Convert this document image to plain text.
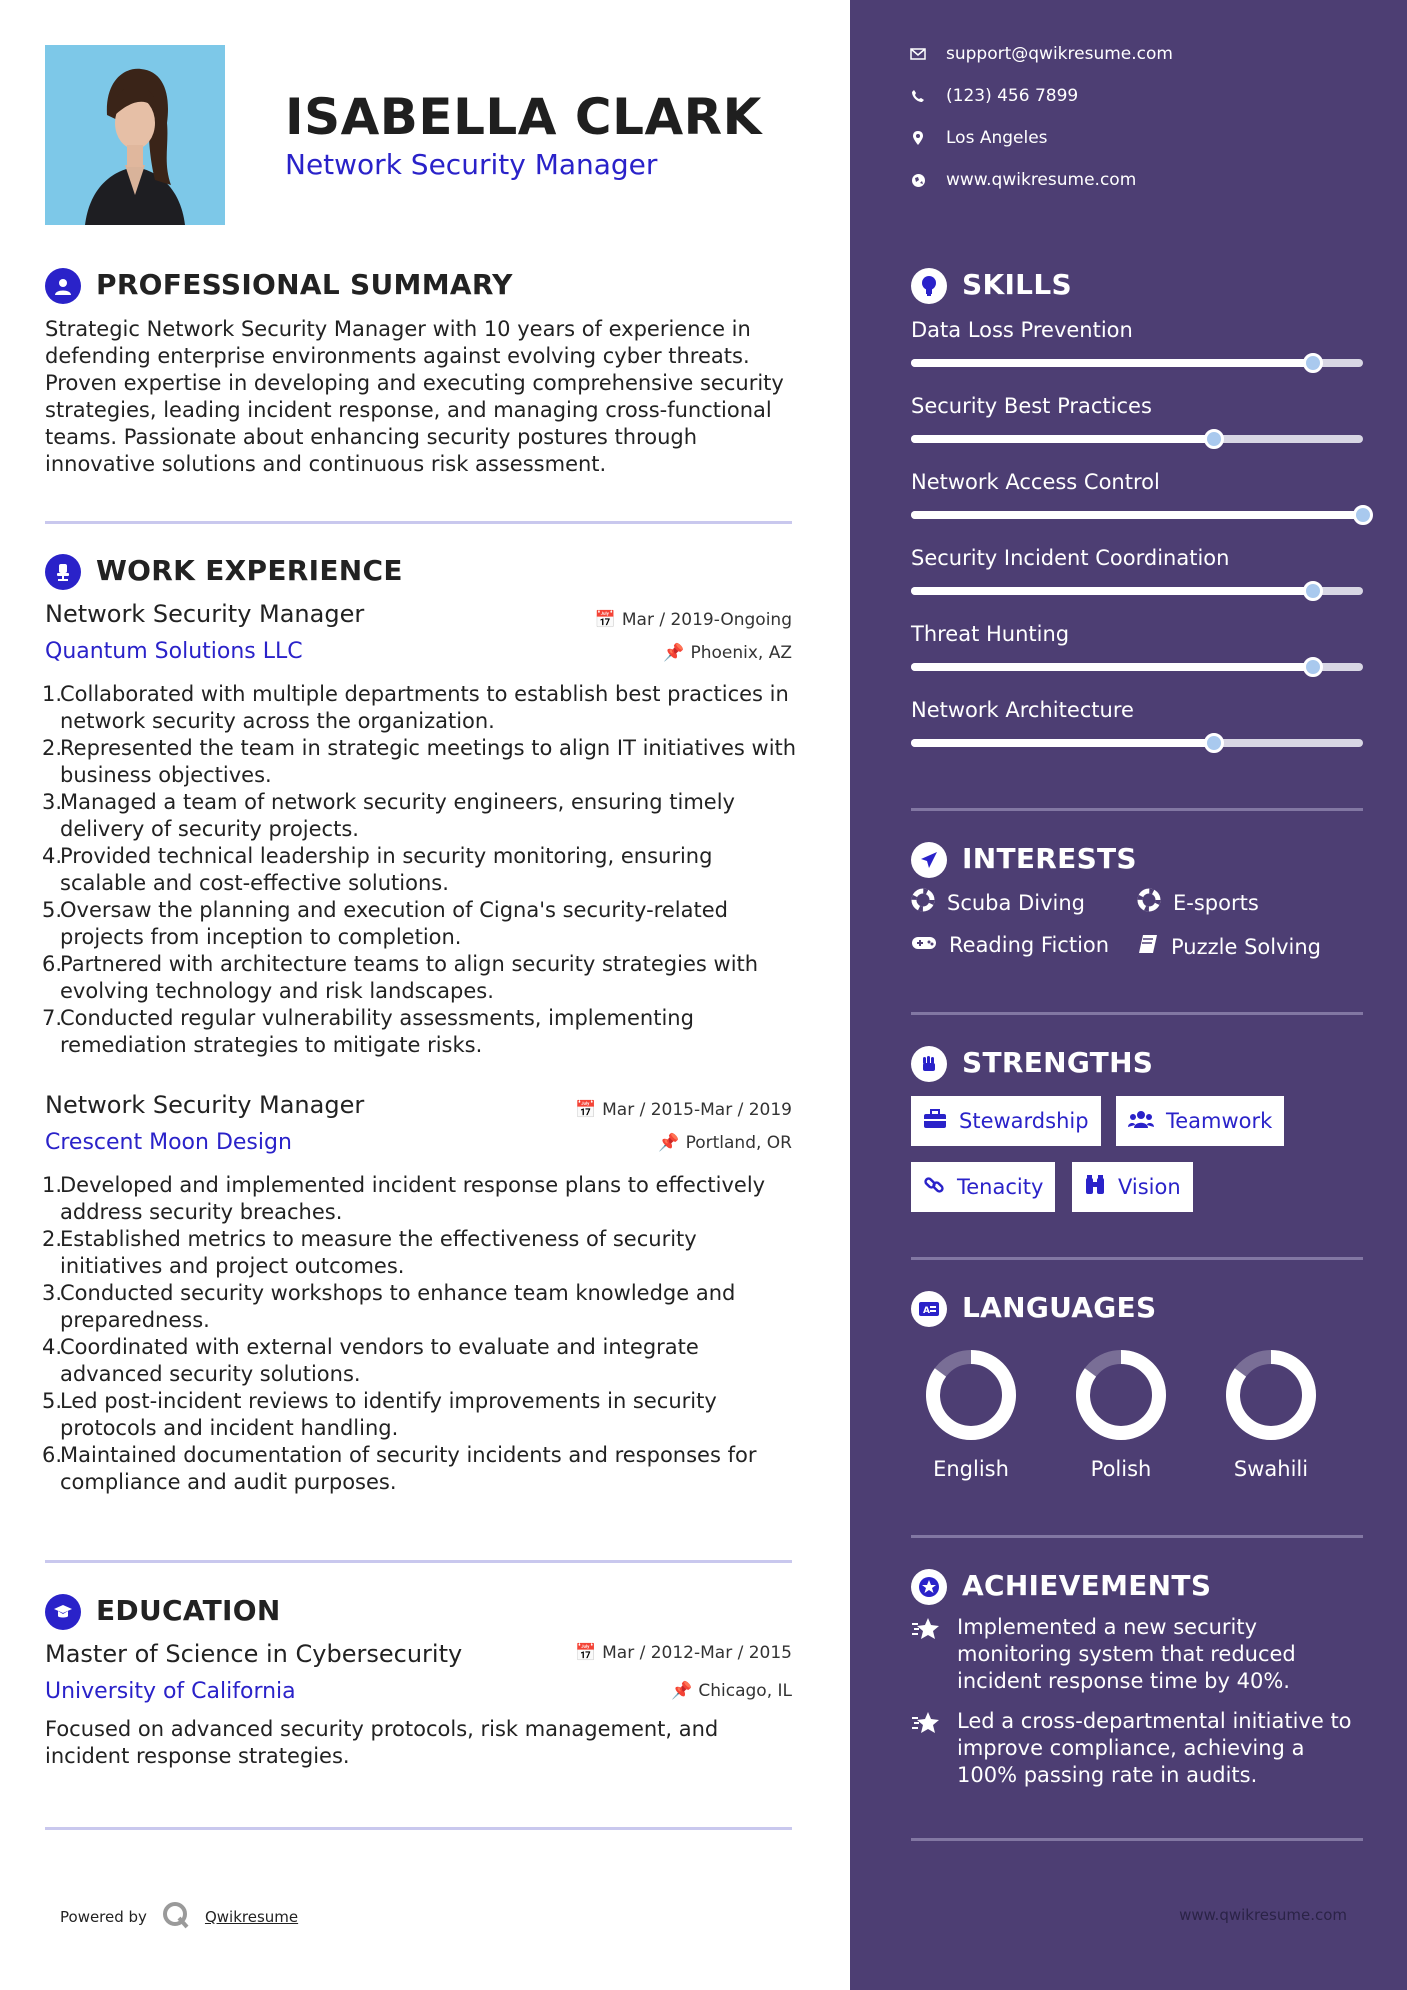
ISABELLA CLARK
Network Security Manager
PROFESSIONAL SUMMARY
Strategic Network Security Manager with 10 years of experience in defending enterprise environments against evolving cyber threats. Proven expertise in developing and executing comprehensive security strategies, leading incident response, and managing cross-functional teams. Passionate about enhancing security postures through innovative solutions and continuous risk assessment.
WORK EXPERIENCE
Network Security Manager
Quantum Solutions LLC
📅 Mar / 2019-Ongoing
📌 Phoenix, AZ
1.
Collaborated with multiple departments to establish best practices in network security across the organization.
2.
Represented the team in strategic meetings to align IT initiatives with business objectives.
3.
Managed a team of network security engineers, ensuring timely delivery of security projects.
4.
Provided technical leadership in security monitoring, ensuring scalable and cost-effective solutions.
5.
Oversaw the planning and execution of Cigna's security-related projects from inception to completion.
6.
Partnered with architecture teams to align security strategies with evolving technology and risk landscapes.
7.
Conducted regular vulnerability assessments, implementing remediation strategies to mitigate risks.
Network Security Manager
Crescent Moon Design
📅 Mar / 2015-Mar / 2019
📌 Portland, OR
1.
Developed and implemented incident response plans to effectively address security breaches.
2.
Established metrics to measure the effectiveness of security initiatives and project outcomes.
3.
Conducted security workshops to enhance team knowledge and preparedness.
4.
Coordinated with external vendors to evaluate and integrate advanced security solutions.
5.
Led post-incident reviews to identify improvements in security protocols and incident handling.
6.
Maintained documentation of security incidents and responses for compliance and audit purposes.
EDUCATION
Master of Science in Cybersecurity
University of California
📅 Mar / 2012-Mar / 2015
📌 Chicago, IL
Focused on advanced security protocols, risk management, and incident response strategies.
Powered by	Qwikresume
support@qwikresume.com
(123) 456 7899
Los Angeles
www.qwikresume.com
SKILLS
Data Loss Prevention
Security Best Practices
Network Access Control
Security Incident Coordination
Threat Hunting
Network Architecture
INTERESTS
Scuba Diving	E-sports
Reading Fiction	Puzzle Solving
STRENGTHS
Stewardship	Teamwork
Tenacity	Vision
A LANGUAGES
English	Polish	Swahili
ACHIEVEMENTS
Implemented a new security monitoring system that reduced incident response time by 40%.
Led a cross-departmental initiative to improve compliance, achieving a 100% passing rate in audits.
www.qwikresume.com
